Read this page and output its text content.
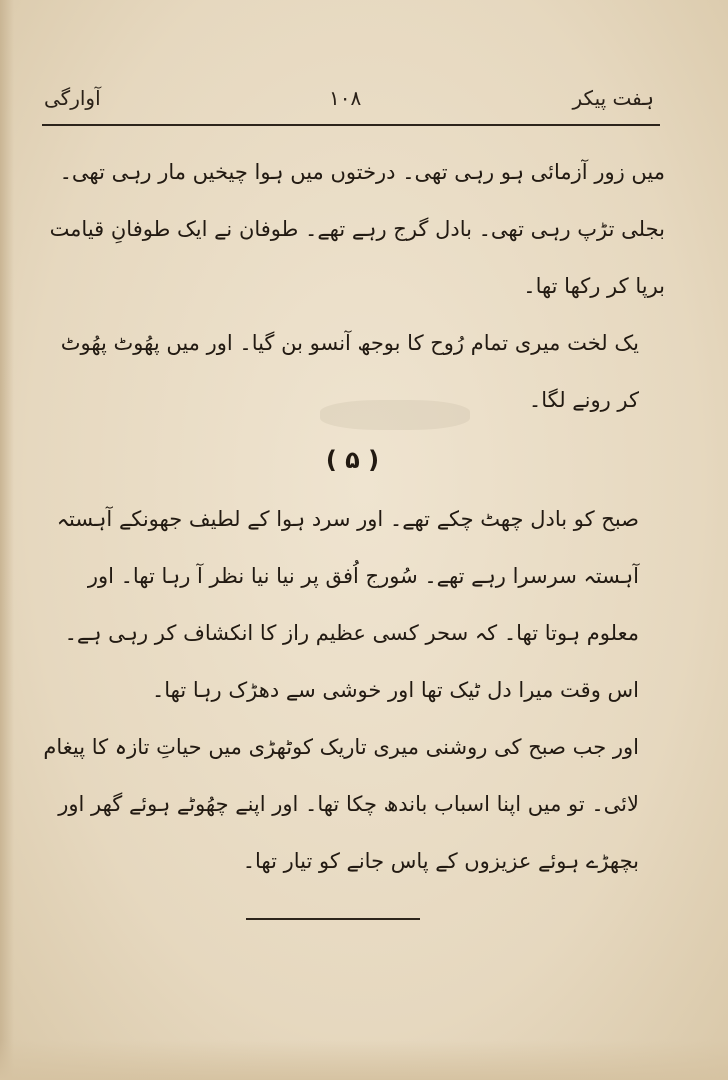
ہفت پیکر
۱۰۸
آوارگی

میں زور آزمائی ہو رہی تھی۔ درختوں میں ہوا چیخیں مار رہی تھی۔ بجلی تڑپ رہی تھی۔ بادل گرج رہے تھے۔ طوفان نے ایک طوفانِ قیامت برپا کر رکھا تھا۔

یک لخت میری تمام رُوح کا بوجھ آنسو بن گیا۔ اور میں پھُوٹ پھُوٹ کر رونے لگا۔

( ۵ )

صبح کو بادل چھٹ چکے تھے۔ اور سرد ہوا کے لطیف جھونکے آہستہ آہستہ سرسرا رہے تھے۔ سُورج اُفق پر نیا نیا نظر آ رہا تھا۔ اور معلوم ہوتا تھا۔ کہ سحر کسی عظیم راز کا انکشاف کر رہی ہے۔ اس وقت میرا دل ٹیک تھا اور خوشی سے دھڑک رہا تھا۔

اور جب صبح کی روشنی میری تاریک کوٹھڑی میں حیاتِ تازہ کا پیغام لائی۔ تو میں اپنا اسباب باندھ چکا تھا۔ اور اپنے چھُوٹے ہوئے گھر اور بچھڑے ہوئے عزیزوں کے پاس جانے کو تیار تھا۔
